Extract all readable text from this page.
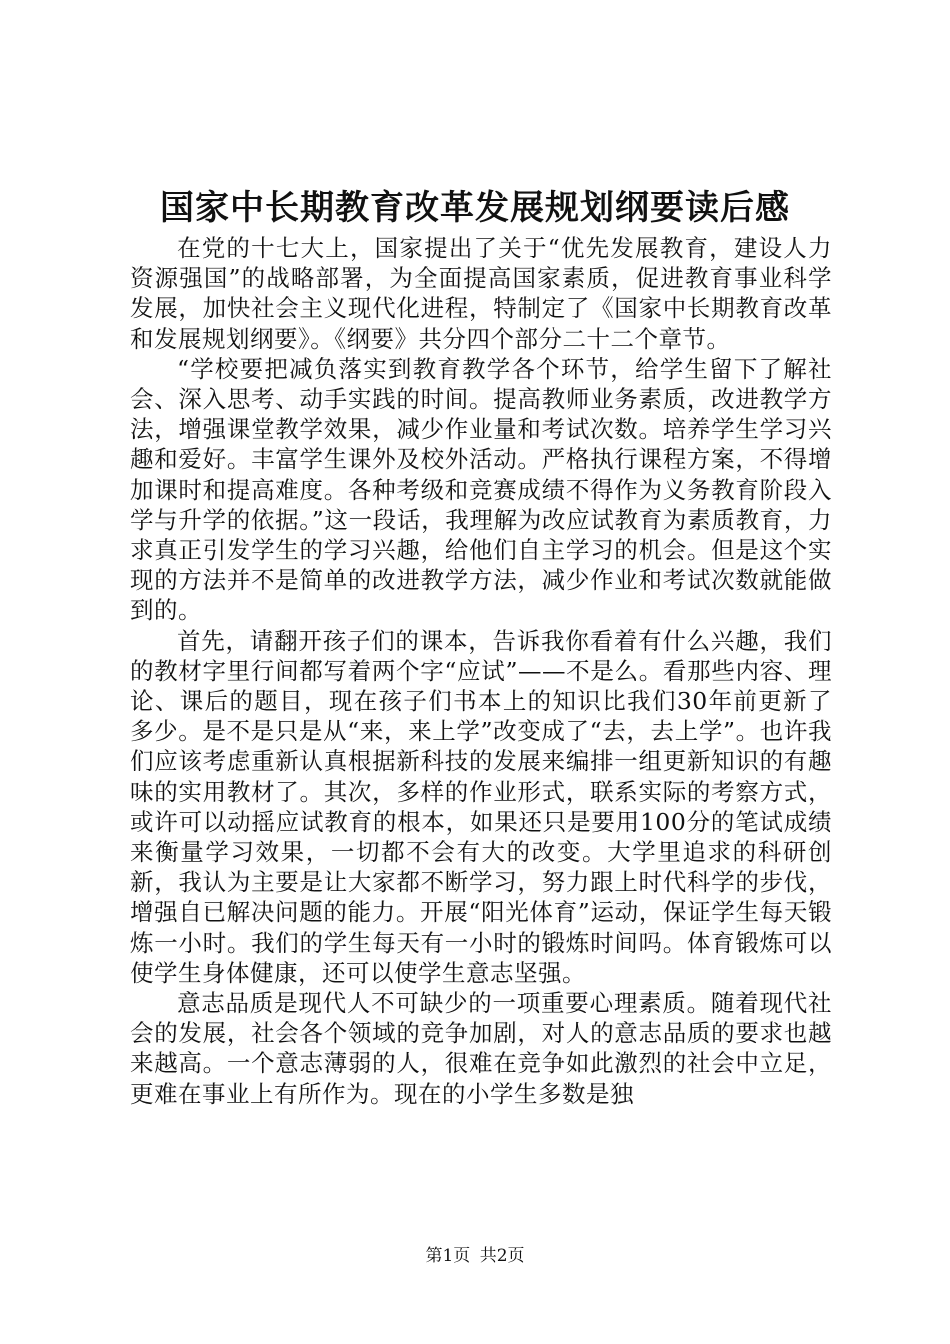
国家中长期教育改革发展规划纲要读后感

在党的十七大上，国家提出了关于“优先发展教育，建设人力资源强国”的战略部署，为全面提高国家素质，促进教育事业科学发展，加快社会主义现代化进程，特制定了《国家中长期教育改革和发展规划纲要》。《纲要》共分四个部分二十二个章节。

“学校要把减负落实到教育教学各个环节，给学生留下了解社会、深入思考、动手实践的时间。提高教师业务素质，改进教学方法，增强课堂教学效果，减少作业量和考试次数。培养学生学习兴趣和爱好。丰富学生课外及校外活动。严格执行课程方案，不得增加课时和提高难度。各种考级和竞赛成绩不得作为义务教育阶段入学与升学的依据。”这一段话，我理解为改应试教育为素质教育，力求真正引发学生的学习兴趣，给他们自主学习的机会。但是这个实现的方法并不是简单的改进教学方法，减少作业和考试次数就能做到的。

首先，请翻开孩子们的课本，告诉我你看着有什么兴趣，我们的教材字里行间都写着两个字“应试”——不是么。看那些内容、理论、课后的题目，现在孩子们书本上的知识比我们30年前更新了多少。是不是只是从“来，来上学”改变成了“去，去上学”。也许我们应该考虑重新认真根据新科技的发展来编排一组更新知识的有趣味的实用教材了。其次，多样的作业形式，联系实际的考察方式，或许可以动摇应试教育的根本，如果还只是要用100分的笔试成绩来衡量学习效果，一切都不会有大的改变。大学里追求的科研创新，我认为主要是让大家都不断学习，努力跟上时代科学的步伐，增强自已解决问题的能力。开展“阳光体育”运动，保证学生每天锻炼一小时。我们的学生每天有一小时的锻炼时间吗。体育锻炼可以使学生身体健康，还可以使学生意志坚强。

意志品质是现代人不可缺少的一项重要心理素质。随着现代社会的发展，社会各个领域的竞争加剧，对人的意志品质的要求也越来越高。一个意志薄弱的人，很难在竞争如此激烈的社会中立足，更难在事业上有所作为。现在的小学生多数是独

第1页 共2页
